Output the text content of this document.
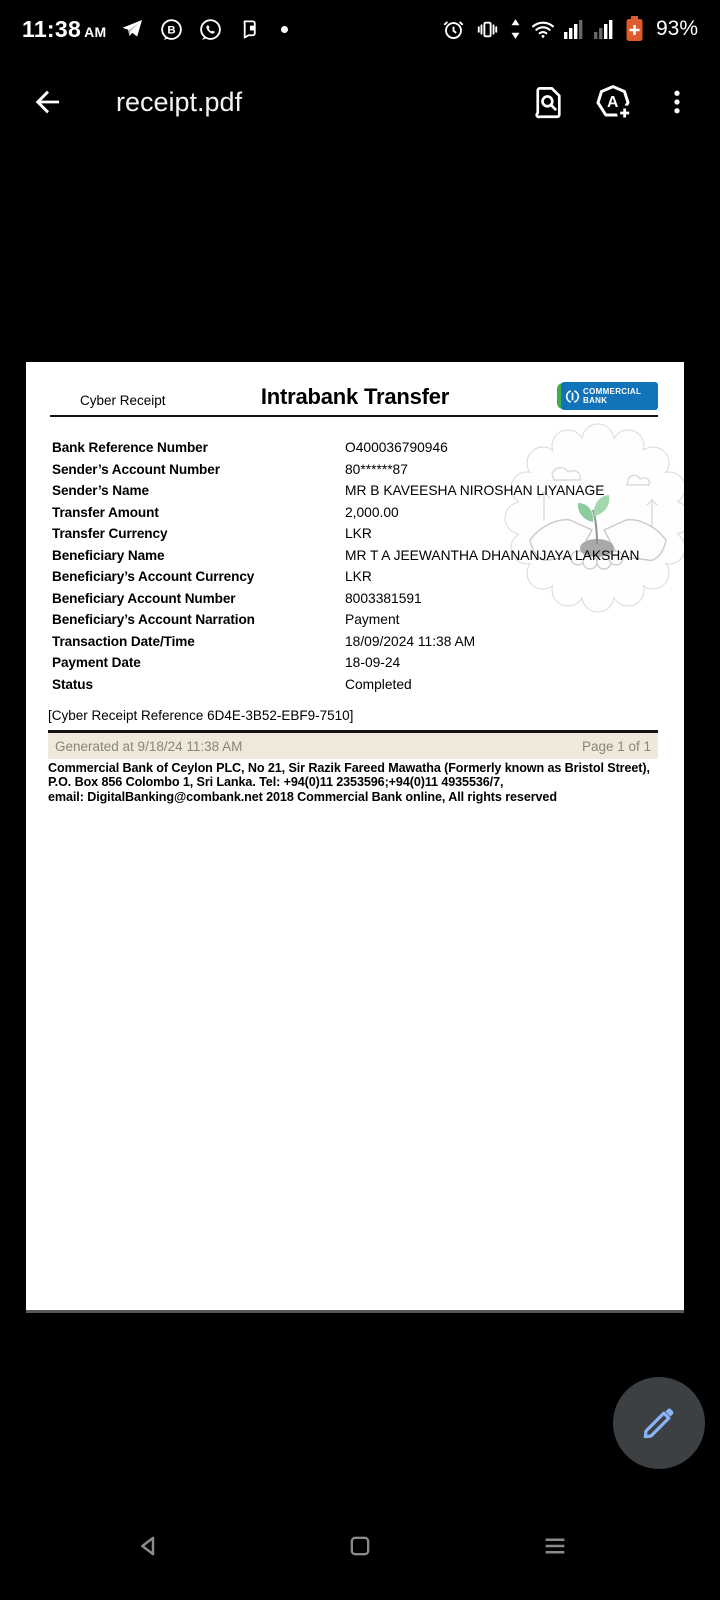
11:38 AM	B	93%
receipt.pdf	A
Cyber Receipt	Intrabank Transfer	COMMERCIAL BANK
Bank Reference Number	O400036790946
Sender’s Account Number	80******87
Sender’s Name	MR B KAVEESHA NIROSHAN LIYANAGE
Transfer Amount	2,000.00
Transfer Currency	LKR
Beneficiary Name	MR T A JEEWANTHA DHANANJAYA LAKSHAN
Beneficiary’s Account Currency	LKR
Beneficiary Account Number	8003381591
Beneficiary’s Account Narration	Payment
Transaction Date/Time	18/09/2024 11:38 AM
Payment Date	18-09-24
Status	Completed
[Cyber Receipt Reference 6D4E-3B52-EBF9-7510]
Generated at 9/18/24 11:38 AM	Page 1 of 1
Commercial Bank of Ceylon PLC, No 21, Sir Razik Fareed Mawatha (Formerly known as Bristol Street),
P.O. Box 856 Colombo 1, Sri Lanka. Tel: +94(0)11 2353596;+94(0)11 4935536/7,
email: DigitalBanking@combank.net 2018 Commercial Bank online, All rights reserved
